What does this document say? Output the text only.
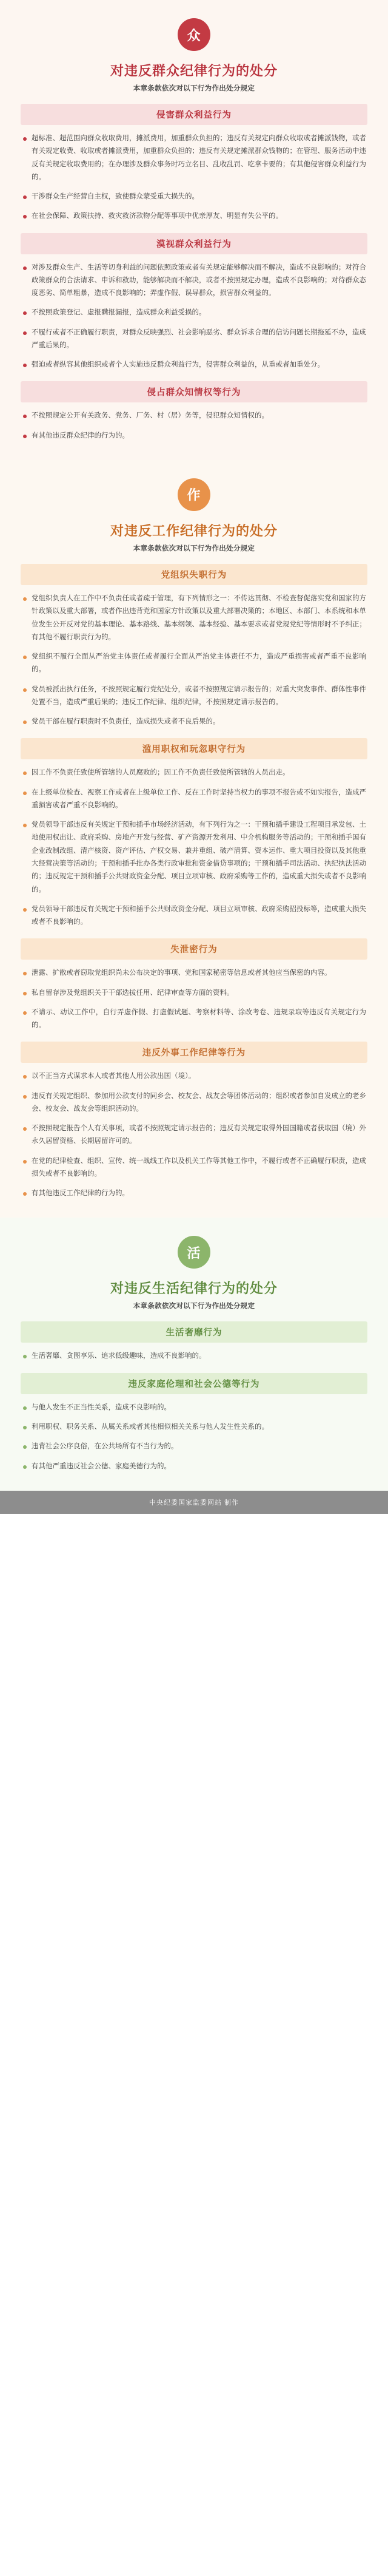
众
对违反群众纪律行为的处分
本章条款依次对以下行为作出处分规定
侵害群众利益行为
超标准、超范围向群众收取费用，摊派费用，加重群众负担的；违反有关规定向群众收取或者摊派钱物，或者有关规定收费、收取或者摊派费用，加重群众负担的；违反有关规定摊派群众钱物的；在管理、服务活动中违反有关规定收取费用的；在办理涉及群众事务时巧立名目、乱收乱罚、吃拿卡要的；有其他侵害群众利益行为的。
干涉群众生产经营自主权，致使群众蒙受重大损失的。
在社会保障、政策扶持、救灾救济款物分配等事项中优亲厚友、明显有失公平的。
漠视群众利益行为
对涉及群众生产、生活等切身利益的问题依照政策或者有关规定能够解决而不解决，造成不良影响的；对符合政策群众的合法请求、申诉和救助，能够解决而不解决，或者不按照规定办理，造成不良影响的；对待群众态度恶劣、简单粗暴，造成不良影响的；弄虚作假、误导群众，损害群众利益的。
不按照政策登记、虚报瞒报漏报，造成群众利益受损的。
不履行或者不正确履行职责，对群众反映强烈、社会影响恶劣、群众诉求合理的信访问题长期拖延不办，造成严重后果的。
强迫或者纵容其他组织或者个人实施违反群众利益行为，侵害群众利益的，从重或者加重处分。
侵占群众知情权等行为
不按照规定公开有关政务、党务、厂务、村（居）务等，侵犯群众知情权的。
有其他违反群众纪律的行为的。
作
对违反工作纪律行为的处分
本章条款依次对以下行为作出处分规定
党组织失职行为
党组织负责人在工作中不负责任或者疏于管理，有下列情形之一：不传达贯彻、不检查督促落实党和国家的方针政策以及重大部署，或者作出违背党和国家方针政策以及重大部署决策的；本地区、本部门、本系统和本单位发生公开反对党的基本理论、基本路线、基本纲领、基本经验、基本要求或者党规党纪等情形时不予纠正；有其他不履行职责行为的。
党组织不履行全面从严治党主体责任或者履行全面从严治党主体责任不力，造成严重损害或者严重不良影响的。
党员被派出执行任务，不按照规定履行党纪处分，或者不按照规定请示报告的；对重大突发事件、群体性事件处置不当，造成严重后果的；违反工作纪律、组织纪律，不按照规定请示报告的。
党员干部在履行职责时不负责任，造成损失或者不良后果的。
滥用职权和玩忽职守行为
因工作不负责任致使所管辖的人员腐败的；因工作不负责任致使所管辖的人员出走。
在上级单位检查、视察工作或者在上级单位工作、反在工作时坚持当权力的事项不报告或不如实报告，造成严重损害或者严重不良影响的。
党员领导干部违反有关规定干预和插手市场经济活动，有下列行为之一：干预和插手建设工程项目承发包、土地使用权出让、政府采购、房地产开发与经营、矿产资源开发利用、中介机构服务等活动的；干预和插手国有企业改制改组、清产核资、资产评估、产权交易、兼并重组、破产清算、资本运作、重大项目投资以及其他重大经营决策等活动的；干预和插手批办各类行政审批和资金借贷事项的；干预和插手司法活动、执纪执法活动的；违反规定干预和插手公共财政资金分配、项目立项审核、政府采购等工作的，造成重大损失或者不良影响的。
党员领导干部违反有关规定干预和插手公共财政资金分配、项目立项审核、政府采购招投标等，造成重大损失或者不良影响的。
失泄密行为
泄露、扩散或者窃取党组织尚未公布决定的事项、党和国家秘密等信息或者其他应当保密的内容。
私自留存涉及党组织关于干部选拔任用、纪律审查等方面的资料。
不请示、动议工作中，自行弄虚作假、打虚假试题、考察材料等、涂改考卷、违规录取等违反有关规定行为的。
违反外事工作纪律等行为
以不正当方式谋求本人或者其他人用公款出国（境）。
违反有关规定组织、参加用公款支付的同乡会、校友会、战友会等团体活动的；组织或者参加自发成立的老乡会、校友会、战友会等组织活动的。
不按照规定报告个人有关事项，或者不按照规定请示报告的；违反有关规定取得外国国籍或者获取国（境）外永久居留资格、长期居留许可的。
在党的纪律检查、组织、宣传、统一战线工作以及机关工作等其他工作中，不履行或者不正确履行职责，造成损失或者不良影响的。
有其他违反工作纪律的行为的。
活
对违反生活纪律行为的处分
本章条款依次对以下行为作出处分规定
生活奢靡行为
生活奢靡、贪图享乐、追求低级趣味，造成不良影响的。
违反家庭伦理和社会公德等行为
与他人发生不正当性关系，造成不良影响的。
利用职权、职务关系、从属关系或者其他相似相关关系与他人发生性关系的。
违背社会公序良俗，在公共场所有不当行为的。
有其他严重违反社会公德、家庭美德行为的。
中央纪委国家监委网站 制作
